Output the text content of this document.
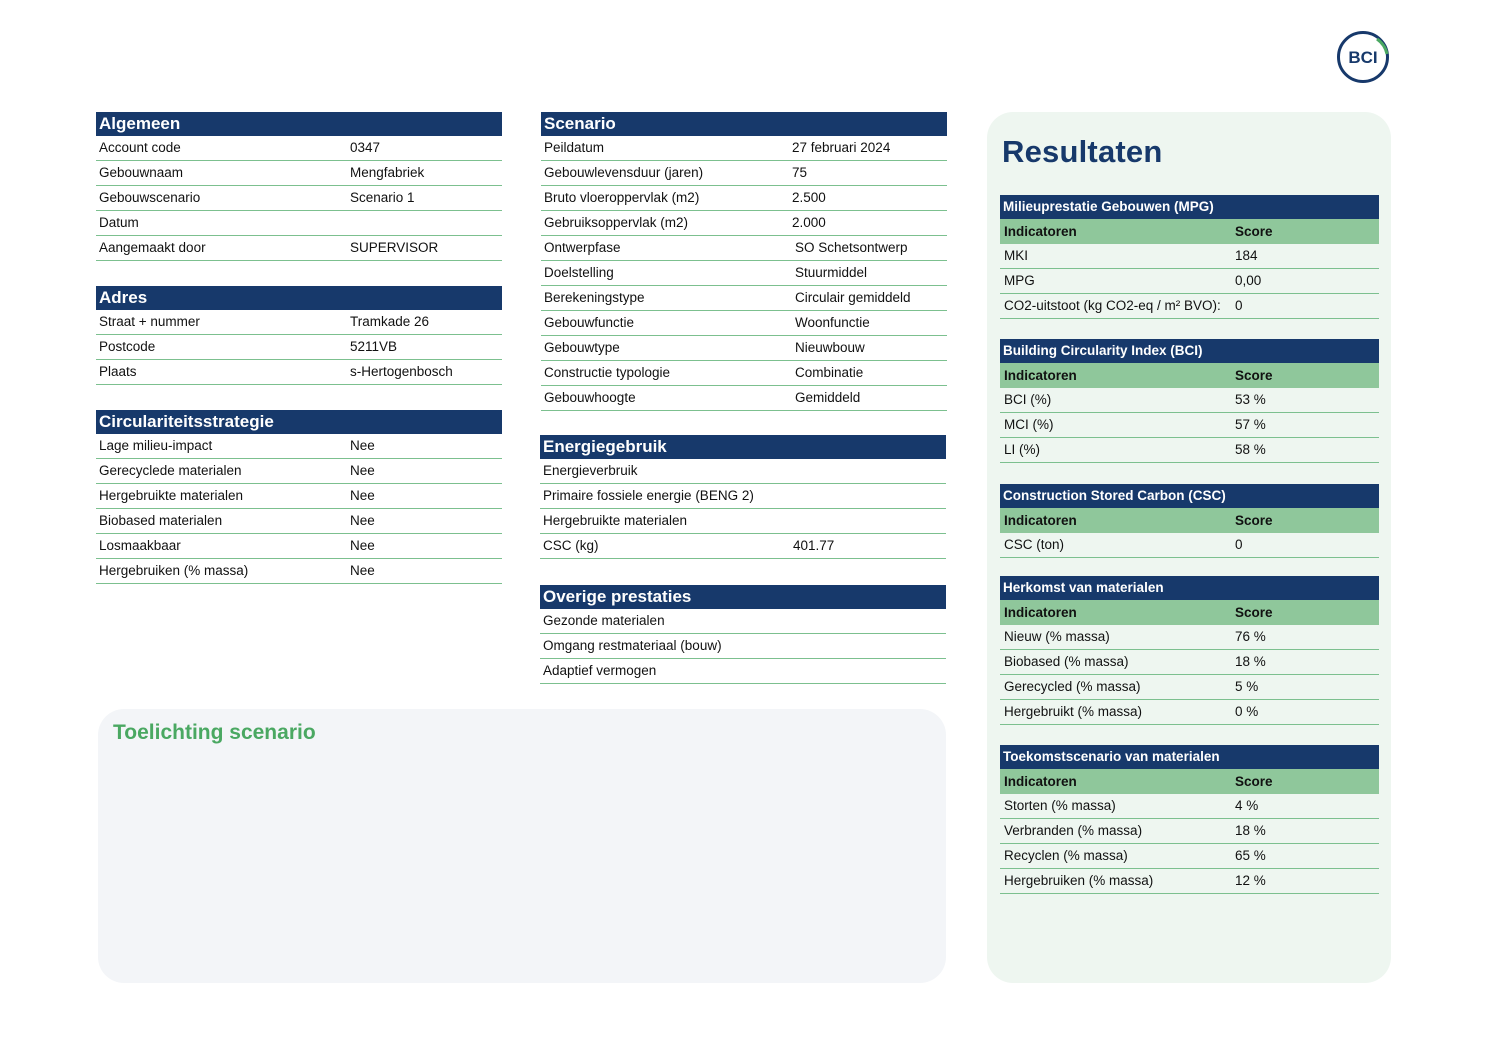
BCI
Algemeen
Account code	0347
Gebouwnaam	Mengfabriek
Gebouwscenario	Scenario 1
Datum
Aangemaakt door	SUPERVISOR
Adres
Straat + nummer	Tramkade 26
Postcode	5211VB
Plaats	s-Hertogenbosch
Circulariteitsstrategie
Lage milieu-impact	Nee
Gerecyclede materialen	Nee
Hergebruikte materialen	Nee
Biobased materialen	Nee
Losmaakbaar	Nee
Hergebruiken (% massa)	Nee
Scenario
Peildatum	27 februari 2024
Gebouwlevensduur (jaren)	75
Bruto vloeroppervlak (m2)	2.500
Gebruiksoppervlak (m2)	2.000
Ontwerpfase	SO Schetsontwerp
Doelstelling	Stuurmiddel
Berekeningstype	Circulair gemiddeld
Gebouwfunctie	Woonfunctie
Gebouwtype	Nieuwbouw
Constructie typologie	Combinatie
Gebouwhoogte	Gemiddeld
Energiegebruik
Energieverbruik
Primaire fossiele energie (BENG 2)
Hergebruikte materialen
CSC (kg)	401.77
Overige prestaties
Gezonde materialen
Omgang restmateriaal (bouw)
Adaptief vermogen
Toelichting scenario
Resultaten
Milieuprestatie Gebouwen (MPG)
Indicatoren	Score
MKI	184
MPG	0,00
CO2-uitstoot (kg CO2-eq / m² BVO): 0
Building Circularity Index (BCI)
Indicatoren	Score
BCI (%)	53 %
MCI (%)	57 %
LI (%)	58 %
Construction Stored Carbon (CSC)
Indicatoren	Score
CSC (ton)	0
Herkomst van materialen
Indicatoren	Score
Nieuw (% massa)	76 %
Biobased (% massa)	18 %
Gerecycled (% massa)	5 %
Hergebruikt (% massa)	0 %
Toekomstscenario van materialen
Indicatoren	Score
Storten (% massa)	4 %
Verbranden (% massa)	18 %
Recyclen (% massa)	65 %
Hergebruiken (% massa)	12 %
